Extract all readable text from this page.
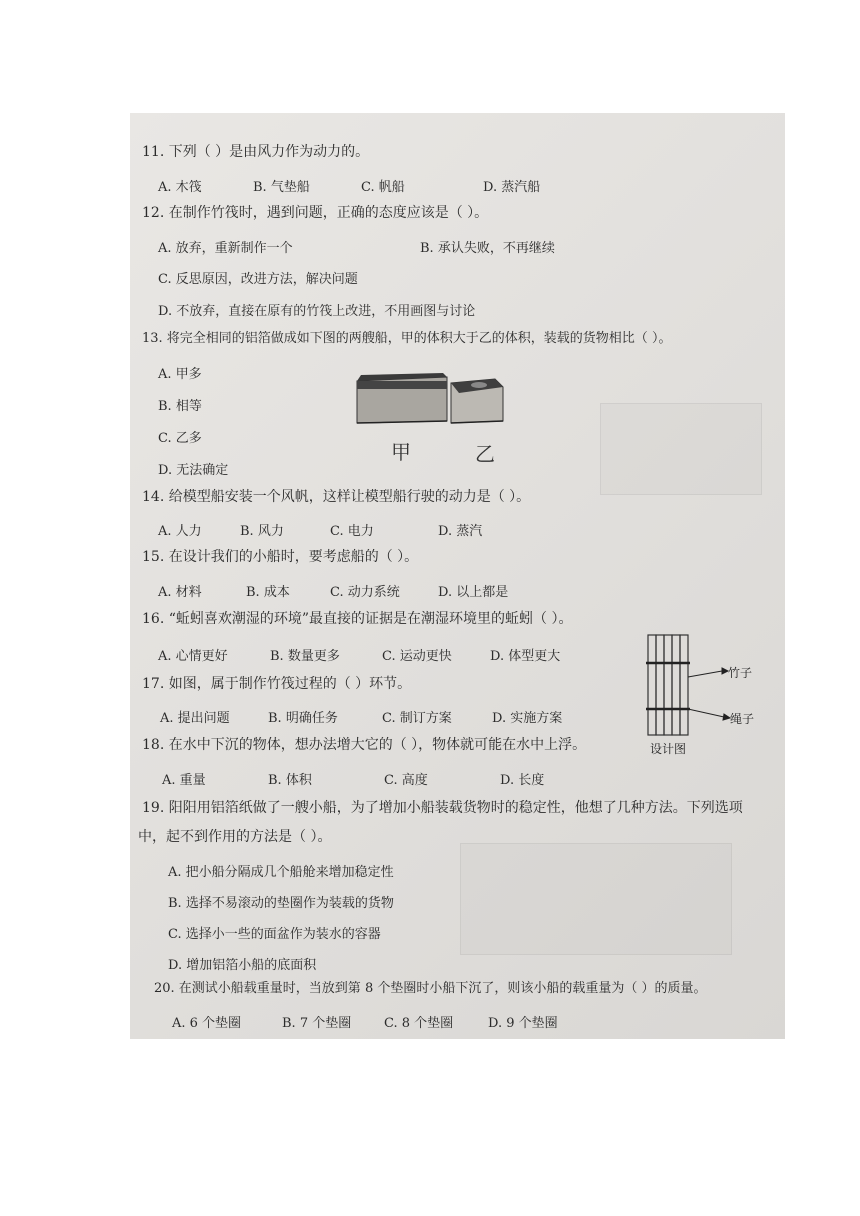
11. 下列（ ）是由风力作为动力的。
A. 木筏	B. 气垫船	C. 帆船	D. 蒸汽船
12. 在制作竹筏时，遇到问题，正确的态度应该是（ ）。
A. 放弃，重新制作一个	B. 承认失败，不再继续
C. 反思原因，改进方法，解决问题
D. 不放弃，直接在原有的竹筏上改进，不用画图与讨论
13. 将完全相同的铝箔做成如下图的两艘船，甲的体积大于乙的体积，装载的货物相比（ ）。
A. 甲多
B. 相等
C. 乙多
D. 无法确定
甲	乙
14. 给模型船安装一个风帆，这样让模型船行驶的动力是（ ）。
A. 人力	B. 风力	C. 电力	D. 蒸汽
15. 在设计我们的小船时，要考虑船的（ ）。
A. 材料	B. 成本	C. 动力系统	D. 以上都是
16. “蚯蚓喜欢潮湿的环境”最直接的证据是在潮湿环境里的蚯蚓（ ）。
A. 心情更好	B. 数量更多	C. 运动更快	D. 体型更大
17. 如图，属于制作竹筏过程的（ ）环节。
A. 提出问题	B. 明确任务	C. 制订方案	D. 实施方案
竹子
绳子
设计图
18. 在水中下沉的物体，想办法增大它的（ ），物体就可能在水中上浮。
A. 重量	B. 体积	C. 高度	D. 长度
19. 阳阳用铝箔纸做了一艘小船，为了增加小船装载货物时的稳定性，他想了几种方法。下列选项
中，起不到作用的方法是（ ）。
A. 把小船分隔成几个船舱来增加稳定性
B. 选择不易滚动的垫圈作为装载的货物
C. 选择小一些的面盆作为装水的容器
D. 增加铝箔小船的底面积
20. 在测试小船载重量时，当放到第 8 个垫圈时小船下沉了，则该小船的载重量为（ ）的质量。
A. 6 个垫圈	B. 7 个垫圈	C. 8 个垫圈	D. 9 个垫圈
